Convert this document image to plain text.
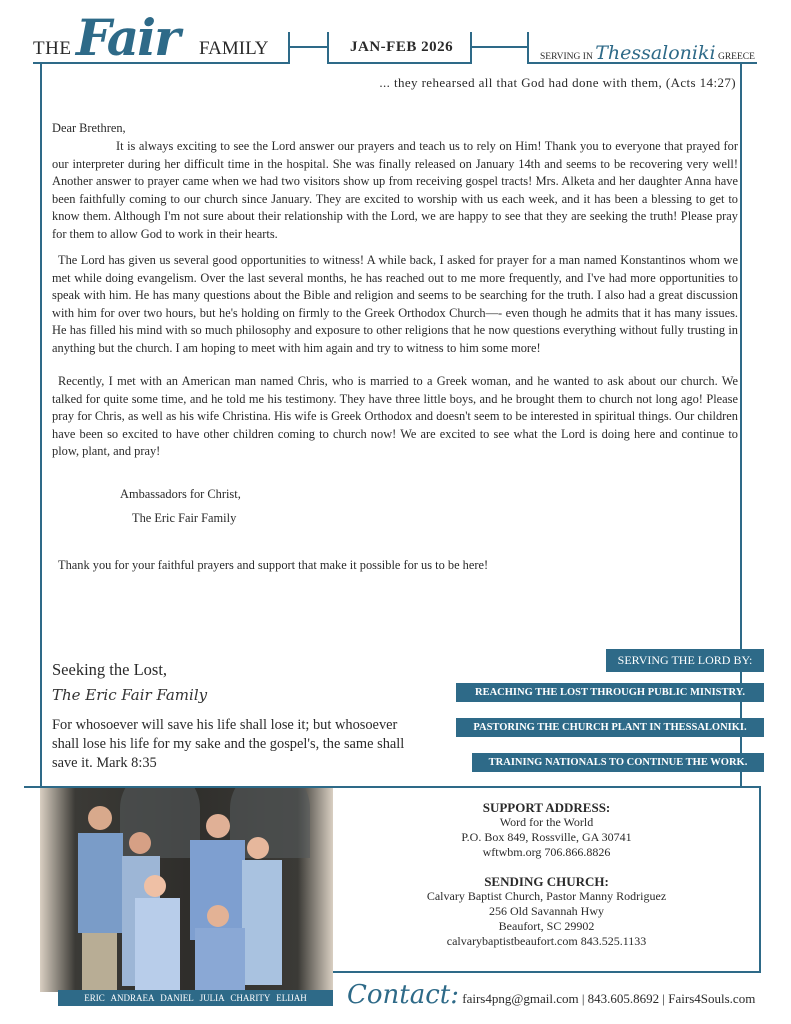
THE Fair FAMILY	JAN-FEB 2026
SERVING IN Thessaloniki GREECE
... they rehearsed all that God had done with them, (Acts 14:27)
Dear Brethren,
It is always exciting to see the Lord answer our prayers and teach us to rely on Him! Thank you to everyone that prayed for our interpreter during her difficult time in the hospital. She was finally released on January 14th and seems to be recovering very well! Another answer to prayer came when we had two visitors show up from receiving gospel tracts! Mrs. Alketa and her daughter Anna have been faithfully coming to our church since January. They are excited to worship with us each week, and it has been a blessing to get to know them. Although I'm not sure about their relationship with the Lord, we are happy to see that they are seeking the truth! Please pray for them to allow God to work in their hearts.
The Lord has given us several good opportunities to witness! A while back, I asked for prayer for a man named Konstantinos whom we met while doing evangelism. Over the last several months, he has reached out to me more frequently, and I've had more opportunities to speak with him. He has many questions about the Bible and religion and seems to be searching for the truth. I also had a great discussion with him for over two hours, but he's holding on firmly to the Greek Orthodox Church—- even though he admits that it has many issues. He has filled his mind with so much philosophy and exposure to other religions that he now questions everything without fully trusting in anything but the church. I am hoping to meet with him again and try to witness to him some more!
Recently, I met with an American man named Chris, who is married to a Greek woman, and he wanted to ask about our church. We talked for quite some time, and he told me his testimony. They have three little boys, and he brought them to church not long ago! Please pray for Chris, as well as his wife Christina. His wife is Greek Orthodox and doesn't seem to be interested in spiritual things. Our children have been so excited to have other children coming to church now! We are excited to see what the Lord is doing here and continue to plow, plant, and pray!
Ambassadors for Christ,
The Eric Fair Family
Thank you for your faithful prayers and support that make it possible for us to be here!
Seeking the Lost,
The Eric Fair Family
For whosoever will save his life shall lose it; but whosoever shall lose his life for my sake and the gospel's, the same shall save it. Mark 8:35
SERVING THE LORD BY:
REACHING THE LOST THROUGH PUBLIC MINISTRY.
PASTORING THE CHURCH PLANT IN THESSALONIKI.
TRAINING NATIONALS TO CONTINUE THE WORK.
ERIC ANDRAEA DANIEL JULIA CHARITY ELIJAH
SUPPORT ADDRESS:
Word for the World
P.O. Box 849, Rossville, GA 30741
wftwbm.org 706.866.8826
SENDING CHURCH:
Calvary Baptist Church, Pastor Manny Rodriguez
256 Old Savannah Hwy
Beaufort, SC 29902
calvarybaptistbeaufort.com 843.525.1133
Contact: fairs4png@gmail.com | 843.605.8692 | Fairs4Souls.com
